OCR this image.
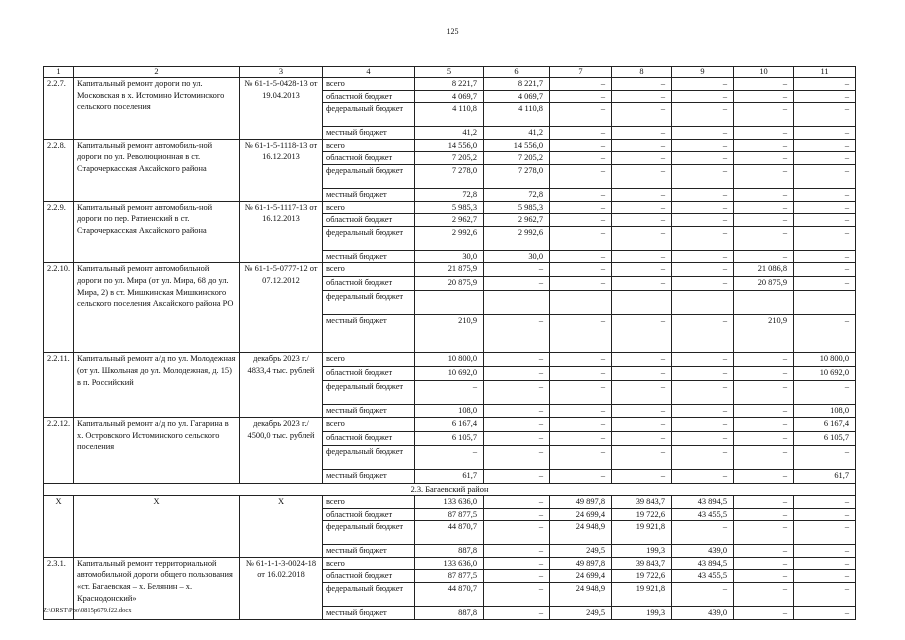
125
1	2	3	4	5	6	7	8	9	10	11
2.2.7.	Капитальный ремонт дороги по ул. Московская в х. Истомино Истоминского сельского поселения	№ 61-1-5-0428-13 от 19.04.2013	всего	8 221,7	8 221,7	–	–	–	–	–
			областной бюджет	4 069,7	4 069,7	–	–	–	–	–
			федеральный бюджет	4 110,8	4 110,8	–	–	–	–	–
			местный бюджет	41,2	41,2	–	–	–	–	–
2.2.8.	Капитальный ремонт автомобиль-ной дороги по ул. Революционная в ст. Старочеркасская Аксайского района	№ 61-1-5-1118-13 от 16.12.2013	всего	14 556,0	14 556,0	–	–	–	–	–
			областной бюджет	7 205,2	7 205,2	–	–	–	–	–
			федеральный бюджет	7 278,0	7 278,0	–	–	–	–	–
			местный бюджет	72,8	72,8	–	–	–	–	–
2.2.9.	Капитальный ремонт автомобиль-ной дороги по пер. Ратиенский в ст. Старочеркасская Аксайского района	№ 61-1-5-1117-13 от 16.12.2013	всего	5 985,3	5 985,3	–	–	–	–	–
			областной бюджет	2 962,7	2 962,7	–	–	–	–	–
			федеральный бюджет	2 992,6	2 992,6	–	–	–	–	–
			местный бюджет	30,0	30,0	–	–	–	–	–
2.2.10.	Капитальный ремонт автомобильной дороги по ул. Мира (от ул. Мира, 68 до ул. Мира, 2) в ст. Мишкинская Мишкинского сельского поселения Аксайского района РО	№ 61-1-5-0777-12 от 07.12.2012	всего	21 875,9	–	–	–	–	21 086,8	–
			областной бюджет	20 875,9	–	–	–	–	20 875,9	–
			федеральный бюджет							
			местный бюджет	210,9	–	–	–	–	210,9	–
2.2.11.	Капитальный ремонт а/д по ул. Молодежная (от ул. Школьная до ул. Молодежная, д. 15) в п. Российский	декабрь 2023 г./ 4833,4 тыс. рублей	всего	10 800,0	–	–	–	–	–	10 800,0
			областной бюджет	10 692,0	–	–	–	–	–	10 692,0
			федеральный бюджет	–	–	–	–	–	–	–
			местный бюджет	108,0	–	–	–	–	–	108,0
2.2.12.	Капитальный ремонт а/д по ул. Гагарина в х. Островского Истоминского сельского поселения	декабрь 2023 г./ 4500,0 тыс. рублей	всего	6 167,4	–	–	–	–	–	6 167,4
			областной бюджет	6 105,7	–	–	–	–	–	6 105,7
			федеральный бюджет	–	–	–	–	–	–	–
			местный бюджет	61,7	–	–	–	–	–	61,7
2.3. Багаевский район										
Х	Х	Х	всего	133 636,0	–	49 897,8	39 843,7	43 894,5	–	–
			областной бюджет	87 877,5	–	24 699,4	19 722,6	43 455,5	–	–
			федеральный бюджет	44 870,7	–	24 948,9	19 921,8	–	–	–
			местный бюджет	887,8	–	249,5	199,3	439,0	–	–
2.3.1.	Капитальный ремонт территориальной автомобильной дороги общего пользования «ст. Багаевская – х. Белянин – х. Краснодонский»	№ 61-1-1-3-0024-18 от 16.02.2018	всего	133 636,0	–	49 897,8	39 843,7	43 894,5	–	–
			областной бюджет	87 877,5	–	24 699,4	19 722,6	43 455,5	–	–
			федеральный бюджет	44 870,7	–	24 948,9	19 921,8	–	–	–
			местный бюджет	887,8	–	249,5	199,3	439,0	–	–
Z:\ORST\Ppo\0815p679.f22.docx
